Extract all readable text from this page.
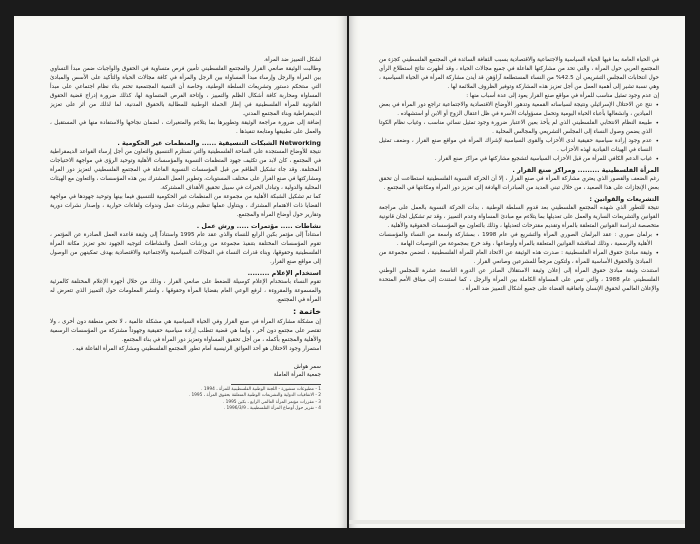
لشكل التمييز ضد المرأة.

وطالبت الوثيقة صانعي القرار والمجتمع الفلسطيني تأمين فرص متساوية في الحقوق والواجبات ضمن مبدأ التساوي بين المرأة والرجل وإرساء مبدأ المساواة بين الرجل والمرأة في كافة مجالات الحياة والتأكيد على الأسس والمبادئ التي ستحكم دستور وتشريعات السلطة الوطنية، وخاصة أن التنمية المجتمعية تحتم بناء نظام اجتماعي على مبدأ المساواة ومحاربة كافة أشكال الظلم والتمييز ، وإتاحة الفرص المتساوية لها، كذلك ضرورة إدراج قضية الحقوق القانونية للمرأة الفلسطينية في إطار الحملة الوطنية للمطالبة بالحقوق المدنية، لما لذلك من أثر على تعزيز الديمقراطية وبناء المجتمع المدني.

إضافة إلى ضرورة مراجعة الوثيقة وتطويرها بما يتلاءم والمتغيرات ، لضمان نجاحها والاستفادة منها في المستقبل ، والعمل على تطبيقها ومتابعة تنفيذها .

Networking الشبكات التنسيقية ...... والمنظمات غير الحكومية .

نتيجة للأوضاع المستجدة على الساحة الفلسطينية والتي تستلزم التنسيق والتعاون من أجل إرساء القواعد الديمقراطية في المجتمع ، كان لابد من تكثيف جهود المنظمات النسوية والمؤسسات الأهلية وتوحيد الرؤى في مواجهة الاحتياجات المختلفة. وقد جاء تشكيل الطاقم من قبل المؤسسات النسوية الفاعلة في المجتمع الفلسطيني لتعزيز دور المرأة ومشاركتها في صنع القرار على مختلف المستويات، وتطوير العمل المشترك بين هذه المؤسسات ، والتعاون مع الهيئات المحلية والدولية ، وتبادل الخبرات في سبيل تحقيق الأهداف المشتركة.

كما تم تشكيل الشبكة الأهلية من مجموعة من المنظمات غير الحكومية للتنسيق فيما بينها وتوحيد جهودها في مواجهة القضايا ذات الاهتمام المشترك ، ويتناول عملها تنظيم ورشات عمل وندوات ولقاءات حوارية ، وإصدار نشرات دورية وتقارير حول أوضاع المرأة والمجتمع.

نشاطات ..... مؤتمرات ..... ورش عمل .

استناداً إلى مؤتمر بكين الرابع للنساء والذي عقد عام 1995 واستناداً إلى وثيقة قاعدة العمل الصادرة عن المؤتمر ، تقوم المؤسسات المختلفة بتنفيذ مجموعة من ورشات العمل والنشاطات لتوجيه الجهود نحو تعزيز مكانة المرأة الفلسطينية وحقوقها، وبناء قدرات النساء في المجالات السياسية والاجتماعية والاقتصادية بهدف تمكينهن من الوصول إلى مواقع صنع القرار.

استخدام الإعلام .........

تقوم النساء باستخدام الإعلام كوسيلة للضغط على صانعي القرار ، وذلك من خلال أجهزة الإعلام المختلفة كالمرئية والمسموعة والمقروءة ، لرفع الوعي العام بقضايا المرأة وحقوقها ، ولنشر المعلومات حول التمييز الذي تتعرض له المرأة في المجتمع.

خاتمة :

إن مشكلة مشاركة المرأة في صنع القرار وفي الحياة السياسية هي مشكلة عالمية ، لا تخص منطقة دون أخرى ، ولا تقتصر على مجتمع دون آخر ، وإنما هي قضية تتطلب إرادة سياسية حقيقية وجهوداً مشتركة من المؤسسات الرسمية والأهلية والمجتمع بأكمله ، من أجل تحقيق المساواة وتعزيز دور المرأة في بناء المجتمع.

استمرار وجود الاحتلال هو أحد العوائق الرئيسية أمام تطور المجتمع الفلسطيني ومشاركة المرأة الفاعلة فيه .

سمر هواش
جمعية المرأة العاملة

1 - مطبوعات منشورة - اللجنة الوطنية الفلسطينية للمرأة ، 1994 .

2 - الاتفاقيات الدولية والتشريعات الوطنية المتعلقة بحقوق المرأة ، 1995 .

3 - مقررات مؤتمر المرأة العالمي الرابع ، بكين 1995 .

4 - تقرير حول أوضاع المرأة الفلسطينية ، 1996/3/9 .

في الحياة العامة بما فيها الحياة السياسية والاجتماعية والاقتصادية بسبب الثقافة السائدة في المجتمع الفلسطيني كجزء من المجتمع العربي حول المرأة ، والتي تحد من مشاركتها الفاعلة في جميع مجالات الحياة ، وقد أظهرت نتائج استطلاع الرأي حول انتخابات المجلس التشريعي أن 42.5% من النساء المستطلعة آراؤهن قد أيدن مشاركة المرأة في الحياة السياسية ، وهي نسبة تشير إلى أهمية العمل من أجل تعزيز هذه المشاركة وتوفير الظروف الملائمة لها .

إن عدم وجود تمثيل مناسب للمرأة في مواقع صنع القرار يعود إلى عدة أسباب منها :

• نتج عن الاحتلال الإسرائيلي ونتيجة لسياساته القمعية وتدهور الأوضاع الاقتصادية والاجتماعية تراجع دور المرأة في بعض الميادين ، وانشغالها بأعباء الحياة اليومية وتحمل مسؤوليات الأسرة في ظل اعتقال الزوج أو الابن أو استشهاده .

• طبيعة النظام الانتخابي الفلسطيني الذي لم يأخذ بعين الاعتبار ضرورة وجود تمثيل نسائي مناسب ، وغياب نظام الكوتا الذي يضمن وصول النساء إلى المجلس التشريعي والمجالس المحلية .

• عدم وجود إرادة سياسية حقيقية لدى الأحزاب والقوى السياسية لإشراك المرأة في مواقع صنع القرار ، وضعف تمثيل النساء في الهيئات القيادية لهذه الأحزاب .

• غياب الدعم الكافي للمرأة من قبل الأحزاب السياسية لتشجيع مشاركتها في مراكز صنع القرار .

المرأة الفلسطينية ......... ومراكز صنع القرار .

رغم الضعف والقصور الذي يعتري مشاركة المرأة في صنع القرار ، إلا أن الحركة النسوية الفلسطينية استطاعت أن تحقق بعض الإنجازات على هذا الصعيد ، من خلال تبني العديد من المبادرات الهادفة إلى تعزيز دور المرأة ومكانتها في المجتمع .

التشريعات والقوانين :

نتيجة للتطور الذي شهده المجتمع الفلسطيني بعد قدوم السلطة الوطنية ، بدأت الحركة النسوية بالعمل على مراجعة القوانين والتشريعات السارية والعمل على تعديلها بما يتلاءم مع مبادئ المساواة وعدم التمييز ، وقد تم تشكيل لجان قانونية متخصصة لدراسة القوانين المتعلقة بالمرأة وتقديم مقترحات لتعديلها ، وذلك بالتعاون مع المؤسسات الحقوقية والأهلية .

• برلمان صوري : عقد البرلمان الصوري المرأة والتشريع في عام 1998 ، بمشاركة واسعة من النساء والمؤسسات الأهلية والرسمية ، وذلك لمناقشة القوانين المتعلقة بالمرأة وأوضاعها ، وقد خرج بمجموعة من التوصيات الهامة .

• وثيقة مبادئ حقوق المرأة الفلسطينية : صدرت هذه الوثيقة عن الاتحاد العام للمرأة الفلسطينية ، لتضمن مجموعة من المبادئ والحقوق الأساسية للمرأة ، ولتكون مرجعاً للمشرعين وصانعي القرار .

استندت وثيقة مبادئ حقوق المرأة إلى إعلان وثيقة الاستقلال الصادر عن الدورة التاسعة عشرة للمجلس الوطني الفلسطيني عام 1988 ، والتي تنص على المساواة الكاملة بين المرأة والرجل ، كما استندت إلى ميثاق الأمم المتحدة والإعلان العالمي لحقوق الإنسان واتفاقية القضاء على جميع أشكال التمييز ضد المرأة .
